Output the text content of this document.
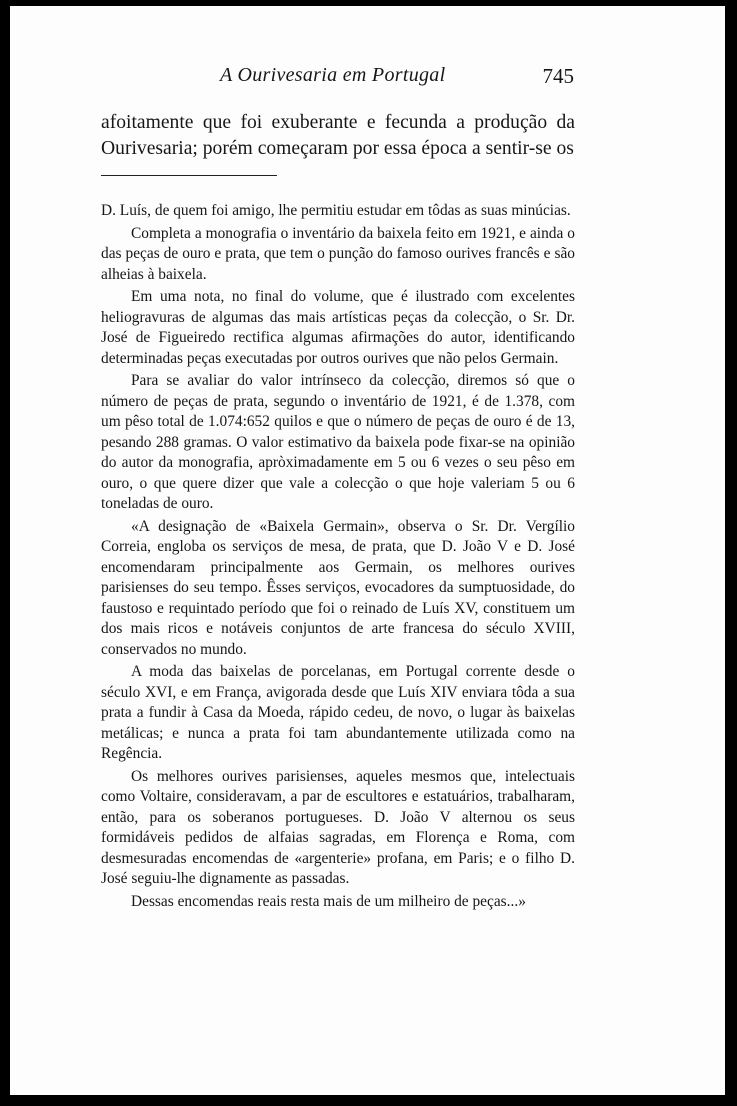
A Ourivesaria em Portugal	745

afoitamente que foi exuberante e fecunda a produção da Ourivesaria; porém começaram por essa época a sentir-se os

D. Luís, de quem foi amigo, lhe permitiu estudar em tôdas as suas minúcias.

Completa a monografia o inventário da baixela feito em 1921, e ainda o das peças de ouro e prata, que tem o punção do famoso ourives francês e são alheias à baixela.

Em uma nota, no final do volume, que é ilustrado com excelentes heliogravuras de algumas das mais artísticas peças da colecção, o Sr. Dr. José de Figueiredo rectifica algumas afirmações do autor, identificando determinadas peças executadas por outros ourives que não pelos Germain.

Para se avaliar do valor intrínseco da colecção, diremos só que o número de peças de prata, segundo o inventário de 1921, é de 1.378, com um pêso total de 1.074:652 quilos e que o número de peças de ouro é de 13, pesando 288 gramas. O valor estimativo da baixela pode fixar-se na opinião do autor da monografia, apròximadamente em 5 ou 6 vezes o seu pêso em ouro, o que quere dizer que vale a colecção o que hoje valeriam 5 ou 6 toneladas de ouro.

«A designação de «Baixela Germain», observa o Sr. Dr. Vergílio Correia, engloba os serviços de mesa, de prata, que D. João V e D. José encomendaram principalmente aos Germain, os melhores ourives parisienses do seu tempo. Êsses serviços, evocadores da sumptuosidade, do faustoso e requintado período que foi o reinado de Luís XV, constituem um dos mais ricos e notáveis conjuntos de arte francesa do século XVIII, conservados no mundo.

A moda das baixelas de porcelanas, em Portugal corrente desde o século XVI, e em França, avigorada desde que Luís XIV enviara tôda a sua prata a fundir à Casa da Moeda, rápido cedeu, de novo, o lugar às baixelas metálicas; e nunca a prata foi tam abundantemente utilizada como na Regência.

Os melhores ourives parisienses, aqueles mesmos que, intelectuais como Voltaire, consideravam, a par de escultores e estatuários, trabalharam, então, para os soberanos portugueses. D. João V alternou os seus formidáveis pedidos de alfaias sagradas, em Florença e Roma, com desmesuradas encomendas de «argenterie» profana, em Paris; e o filho D. José seguiu-lhe dignamente as passadas.

Dessas encomendas reais resta mais de um milheiro de peças...»
